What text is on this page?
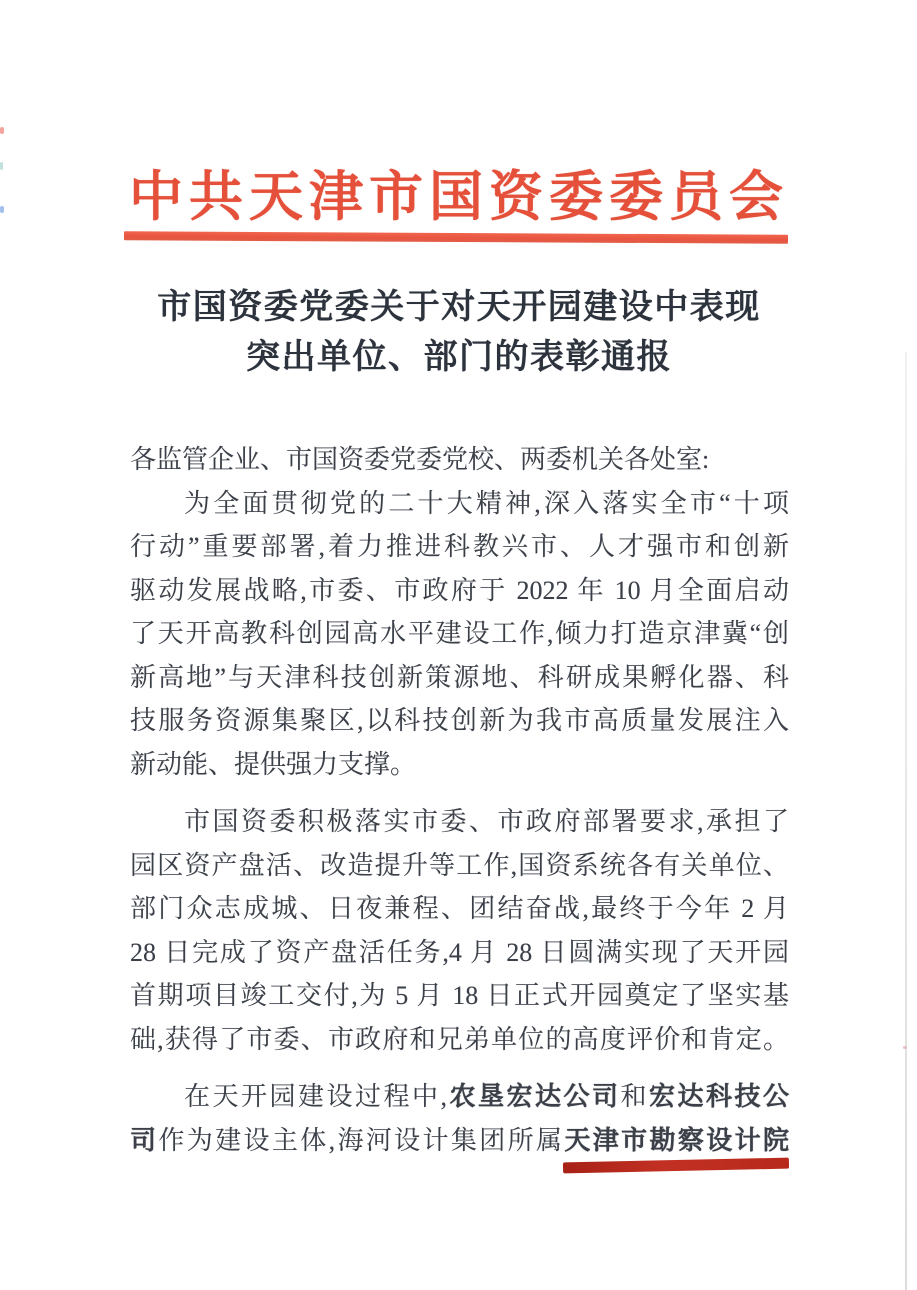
中共天津市国资委委员会
市国资委党委关于对天开园建设中表现
突出单位、部门的表彰通报
各监管企业、市国资委党委党校、两委机关各处室:
为全面贯彻党的二十大精神,深入落实全市“十项
行动”重要部署,着力推进科教兴市、人才强市和创新
驱动发展战略,市委、市政府于 2022 年 10 月全面启动
了天开高教科创园高水平建设工作,倾力打造京津冀“创
新高地”与天津科技创新策源地、科研成果孵化器、科
技服务资源集聚区,以科技创新为我市高质量发展注入
新动能、提供强力支撑。
市国资委积极落实市委、市政府部署要求,承担了
园区资产盘活、改造提升等工作,国资系统各有关单位、
部门众志成城、日夜兼程、团结奋战,最终于今年 2 月
28 日完成了资产盘活任务,4 月 28 日圆满实现了天开园
首期项目竣工交付,为 5 月 18 日正式开园奠定了坚实基
础,获得了市委、市政府和兄弟单位的高度评价和肯定。
在天开园建设过程中,农垦宏达公司和宏达科技公
司作为建设主体,海河设计集团所属天津市勘察设计院
